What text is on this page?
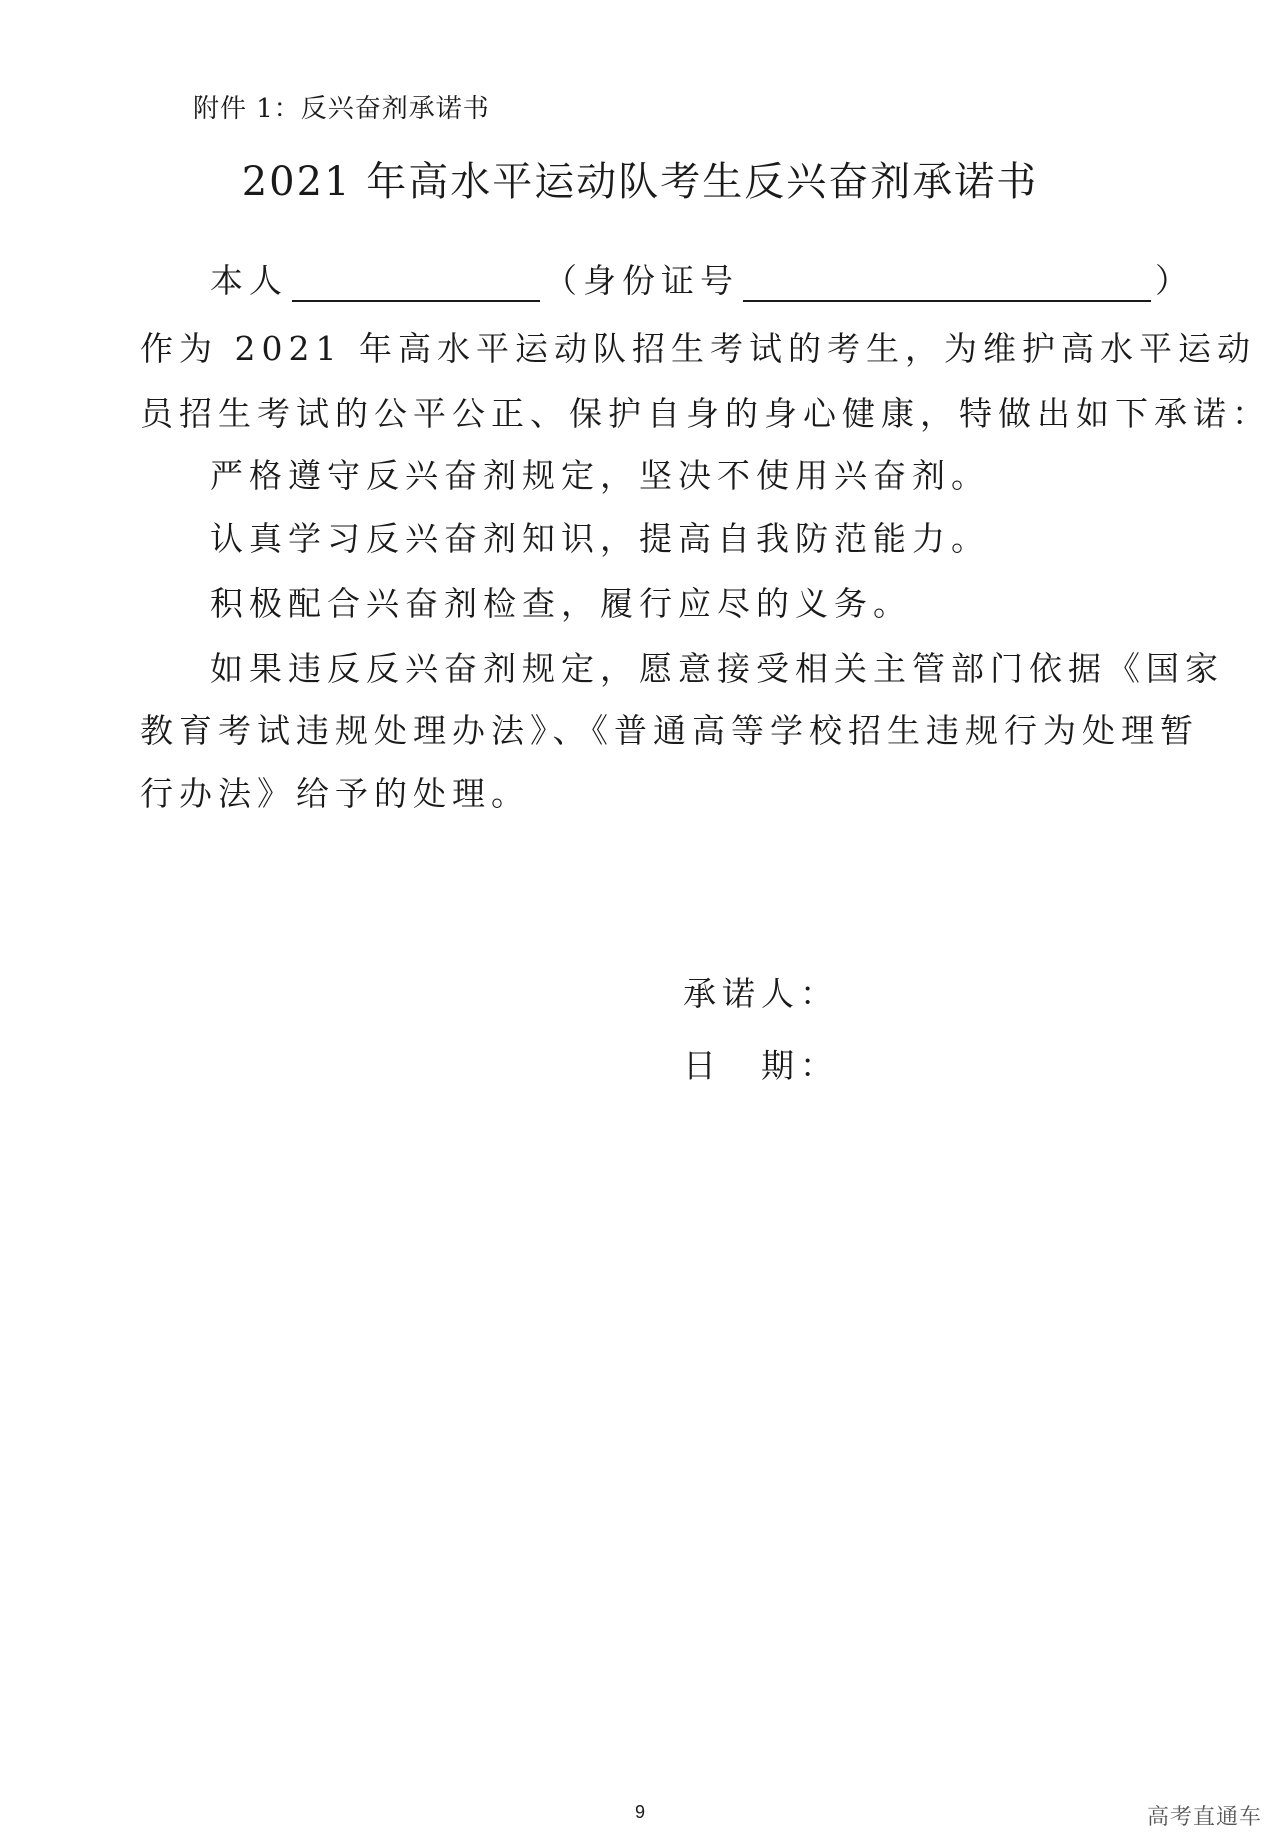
附件 1：反兴奋剂承诺书
2021 年高水平运动队考生反兴奋剂承诺书
本人	（身份证号	）
作为 2021 年高水平运动队招生考试的考生，为维护高水平运动
员招生考试的公平公正、保护自身的身心健康，特做出如下承诺：
严格遵守反兴奋剂规定，坚决不使用兴奋剂。
认真学习反兴奋剂知识，提高自我防范能力。
积极配合兴奋剂检查，履行应尽的义务。
如果违反反兴奋剂规定，愿意接受相关主管部门依据《国家
教育考试违规处理办法》、《普通高等学校招生违规行为处理暂
行办法》给予的处理。
承诺人：
日　期：
9	高考直通车
